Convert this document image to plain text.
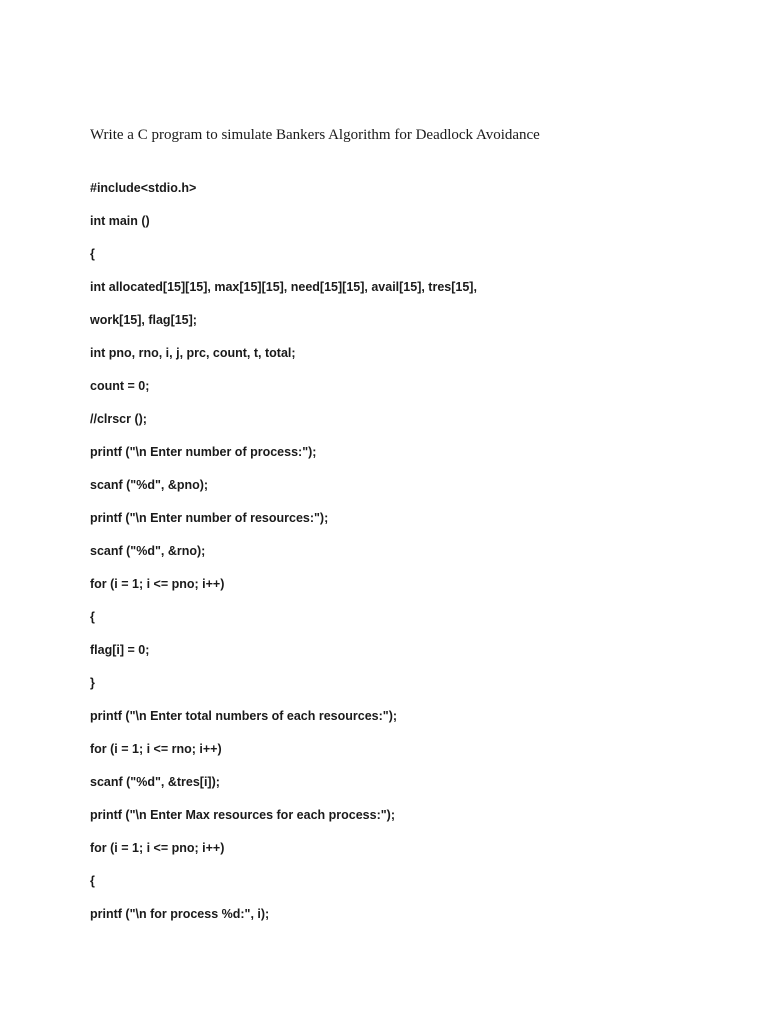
Write a C program to simulate Bankers Algorithm for Deadlock Avoidance

#include<stdio.h>

int main ()

{

int allocated[15][15], max[15][15], need[15][15], avail[15], tres[15],

work[15], flag[15];

int pno, rno, i, j, prc, count, t, total;

count = 0;

//clrscr ();

printf ("\n Enter number of process:");

scanf ("%d", &pno);

printf ("\n Enter number of resources:");

scanf ("%d", &rno);

for (i = 1; i <= pno; i++)

{

flag[i] = 0;

}

printf ("\n Enter total numbers of each resources:");

for (i = 1; i <= rno; i++)

scanf ("%d", &tres[i]);

printf ("\n Enter Max resources for each process:");

for (i = 1; i <= pno; i++)

{

printf ("\n for process %d:", i);
